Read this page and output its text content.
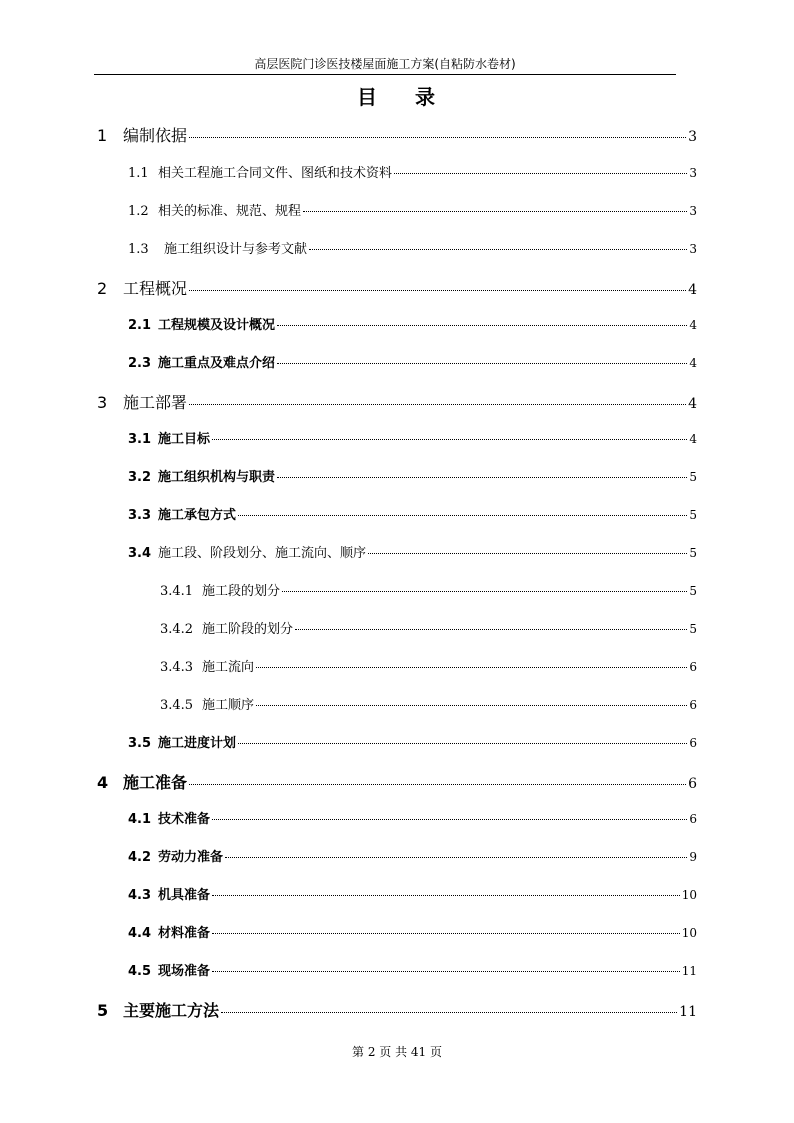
高层医院门诊医技楼屋面施工方案(自粘防水卷材)
目 录
1 编制依据	3
1.1 相关工程施工合同文件、图纸和技术资料	3
1.2 相关的标准、规范、规程	3
1.3	施工组织设计与参考文献	3
2 工程概况	4
2.1 工程规模及设计概况	4
2.3 施工重点及难点介绍	4
3 施工部署	4
3.1 施工目标	4
3.2 施工组织机构与职责	5
3.3 施工承包方式	5
3.4 施工段、阶段划分、施工流向、顺序	5
3.4.1 施工段的划分	5
3.4.2 施工阶段的划分	5
3.4.3 施工流向	6
3.4.5 施工顺序	6
3.5 施工进度计划	6
4 施工准备	6
4.1 技术准备	6
4.2 劳动力准备	9
4.3 机具准备	10
4.4 材料准备	10
4.5 现场准备	11
5 主要施工方法	11
第 2 页 共 41 页
